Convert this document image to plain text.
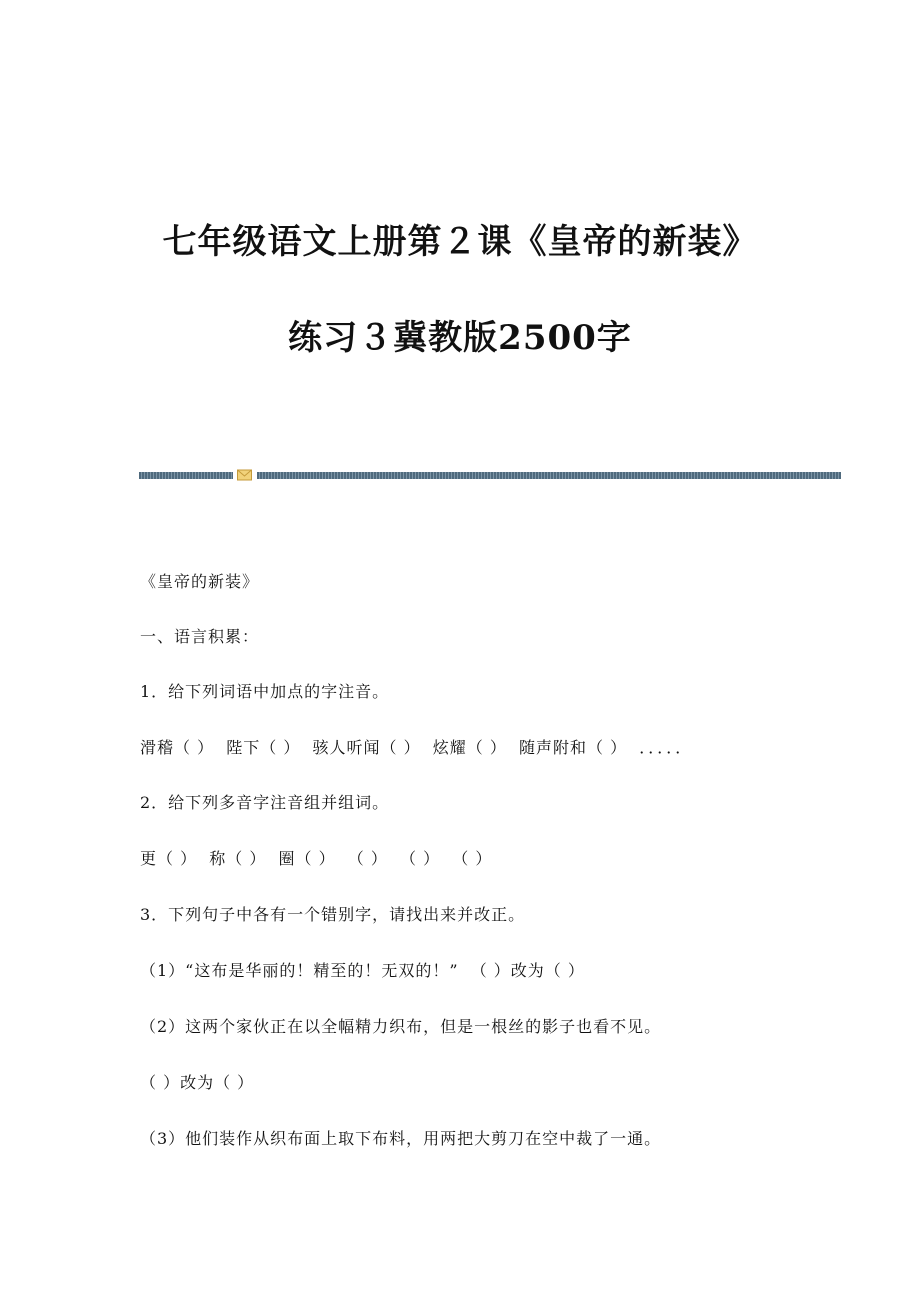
七年级语文上册第２课《皇帝的新装》
练习３冀教版2500字
《皇帝的新装》
一、语言积累：
1．给下列词语中加点的字注音。
滑稽（ ）  陛下（ ）  骇人听闻（ ）  炫耀（ ）  随声附和（ ）  ．．．．．
2．给下列多音字注音组并组词。
更（ ）  称（ ）  圈（ ）  （ ）  （ ）  （ ）
3．下列句子中各有一个错别字，请找出来并改正。
（1）“这布是华丽的！精至的！无双的！”  （ ）改为（ ）
（2）这两个家伙正在以全幅精力织布，但是一根丝的影子也看不见。
（ ）改为（ ）
（3）他们装作从织布面上取下布料，用两把大剪刀在空中裁了一通。
